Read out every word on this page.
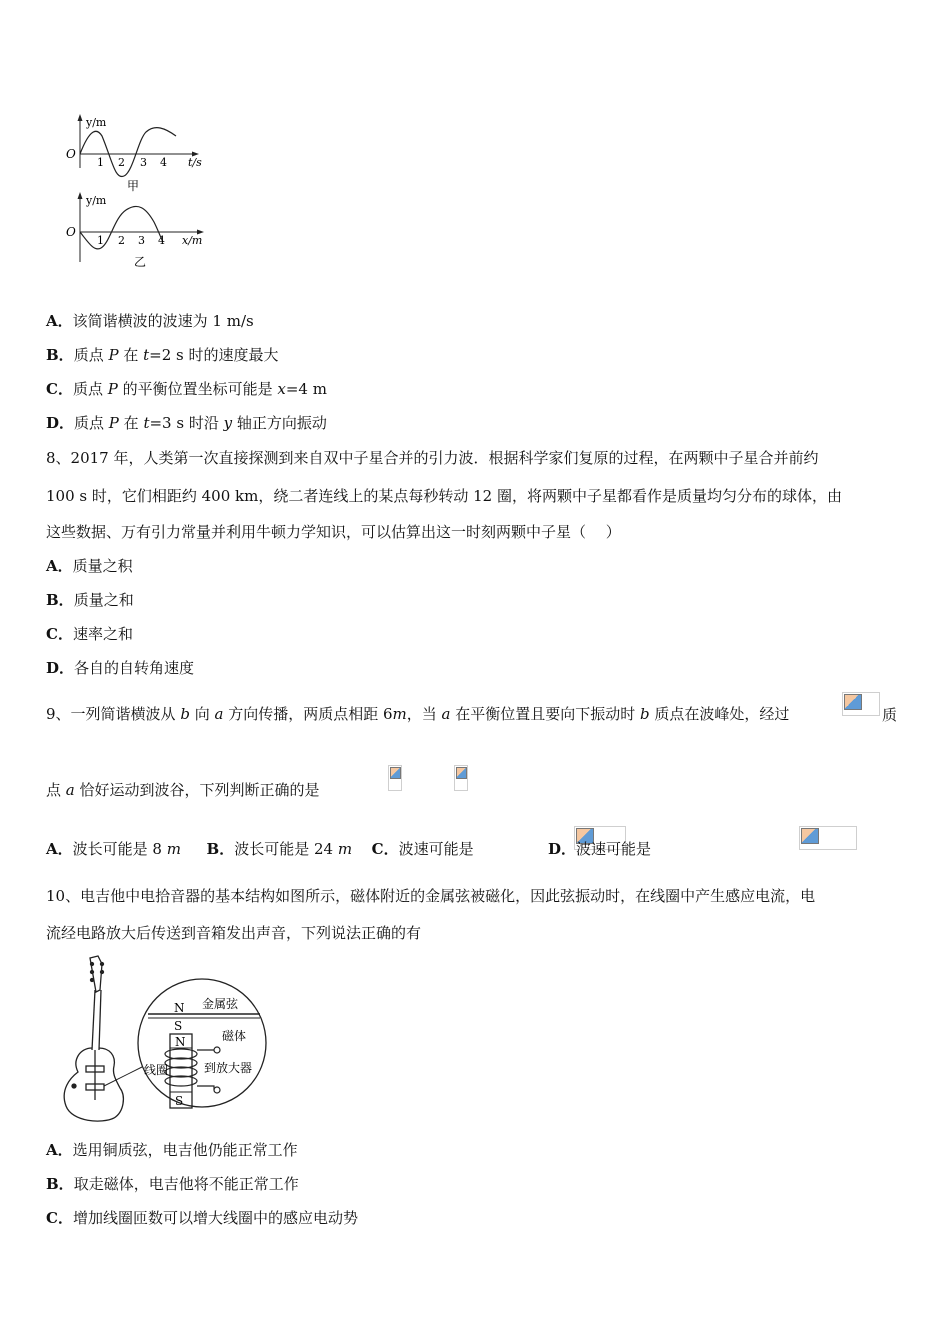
y/m
O
1 2 3 4 t/s
甲
y/m
O
1 2 3 4 x/m
乙
A．该简谐横波的波速为 1 m/s
B．质点 P 在 t=2 s 时的速度最大
C．质点 P 的平衡位置坐标可能是 x=4 m
D．质点 P 在 t=3 s 时沿 y 轴正方向振动
8、2017 年，人类第一次直接探测到来自双中子星合并的引力波．根据科学家们复原的过程，在两颗中子星合并前约
100 s 时，它们相距约 400 km，绕二者连线上的某点每秒转动 12 圈，将两颗中子星都看作是质量均匀分布的球体，由
这些数据、万有引力常量并利用牛顿力学知识，可以估算出这一时刻两颗中子星（　 ）
A．质量之积
B．质量之和
C．速率之和
D．各自的自转角速度
9、一列简谐横波从 b 向 a 方向传播，两质点相距 6m，当 a 在平衡位置且要向下振动时 b 质点在波峰处，经过
	质
点 a 恰好运动到波谷，下列判断正确的是

A．波长可能是 8 m B．波长可能是 24 m C．波速可能是
	D．波速可能是
10、电吉他中电拾音器的基本结构如图所示，磁体附近的金属弦被磁化，因此弦振动时，在线圈中产生感应电流，电
流经电路放大后传送到音箱发出声音，下列说法正确的有
N
S
金属弦
N
S
磁体
线圈	到放大器
A．选用铜质弦，电吉他仍能正常工作
B．取走磁体，电吉他将不能正常工作
C．增加线圈匝数可以增大线圈中的感应电动势
